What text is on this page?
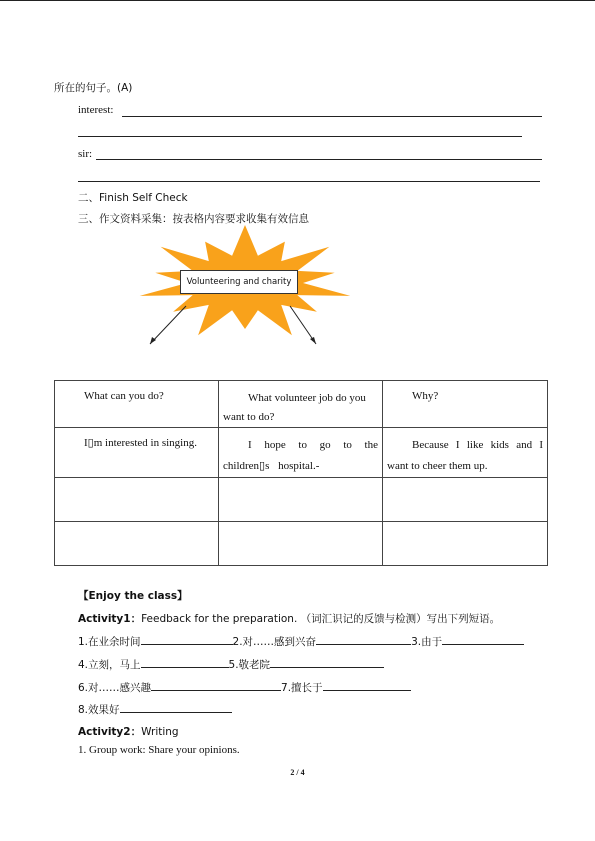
所在的句子。(A)
interest:
sir:
二、Finish Self Check
三、作文资料采集：按表格内容要求收集有效信息
Volunteering and charity
What can you do?	What volunteer job do you want to do?	Why?

I▯m interested in singing.	I hope to go to the children▯s hospital.-	Because I like kids and I want to cheer them up.

【Enjoy the class】
Activity1：Feedback for the preparation. （词汇识记的反馈与检测）写出下列短语。
1.在业余时间	2.对……感到兴奋	3.由于
4.立刻，马上	5.敬老院
6.对……感兴趣	7.擅长于
8.效果好
Activity2：Writing
1. Group work: Share your opinions.
2 / 4
